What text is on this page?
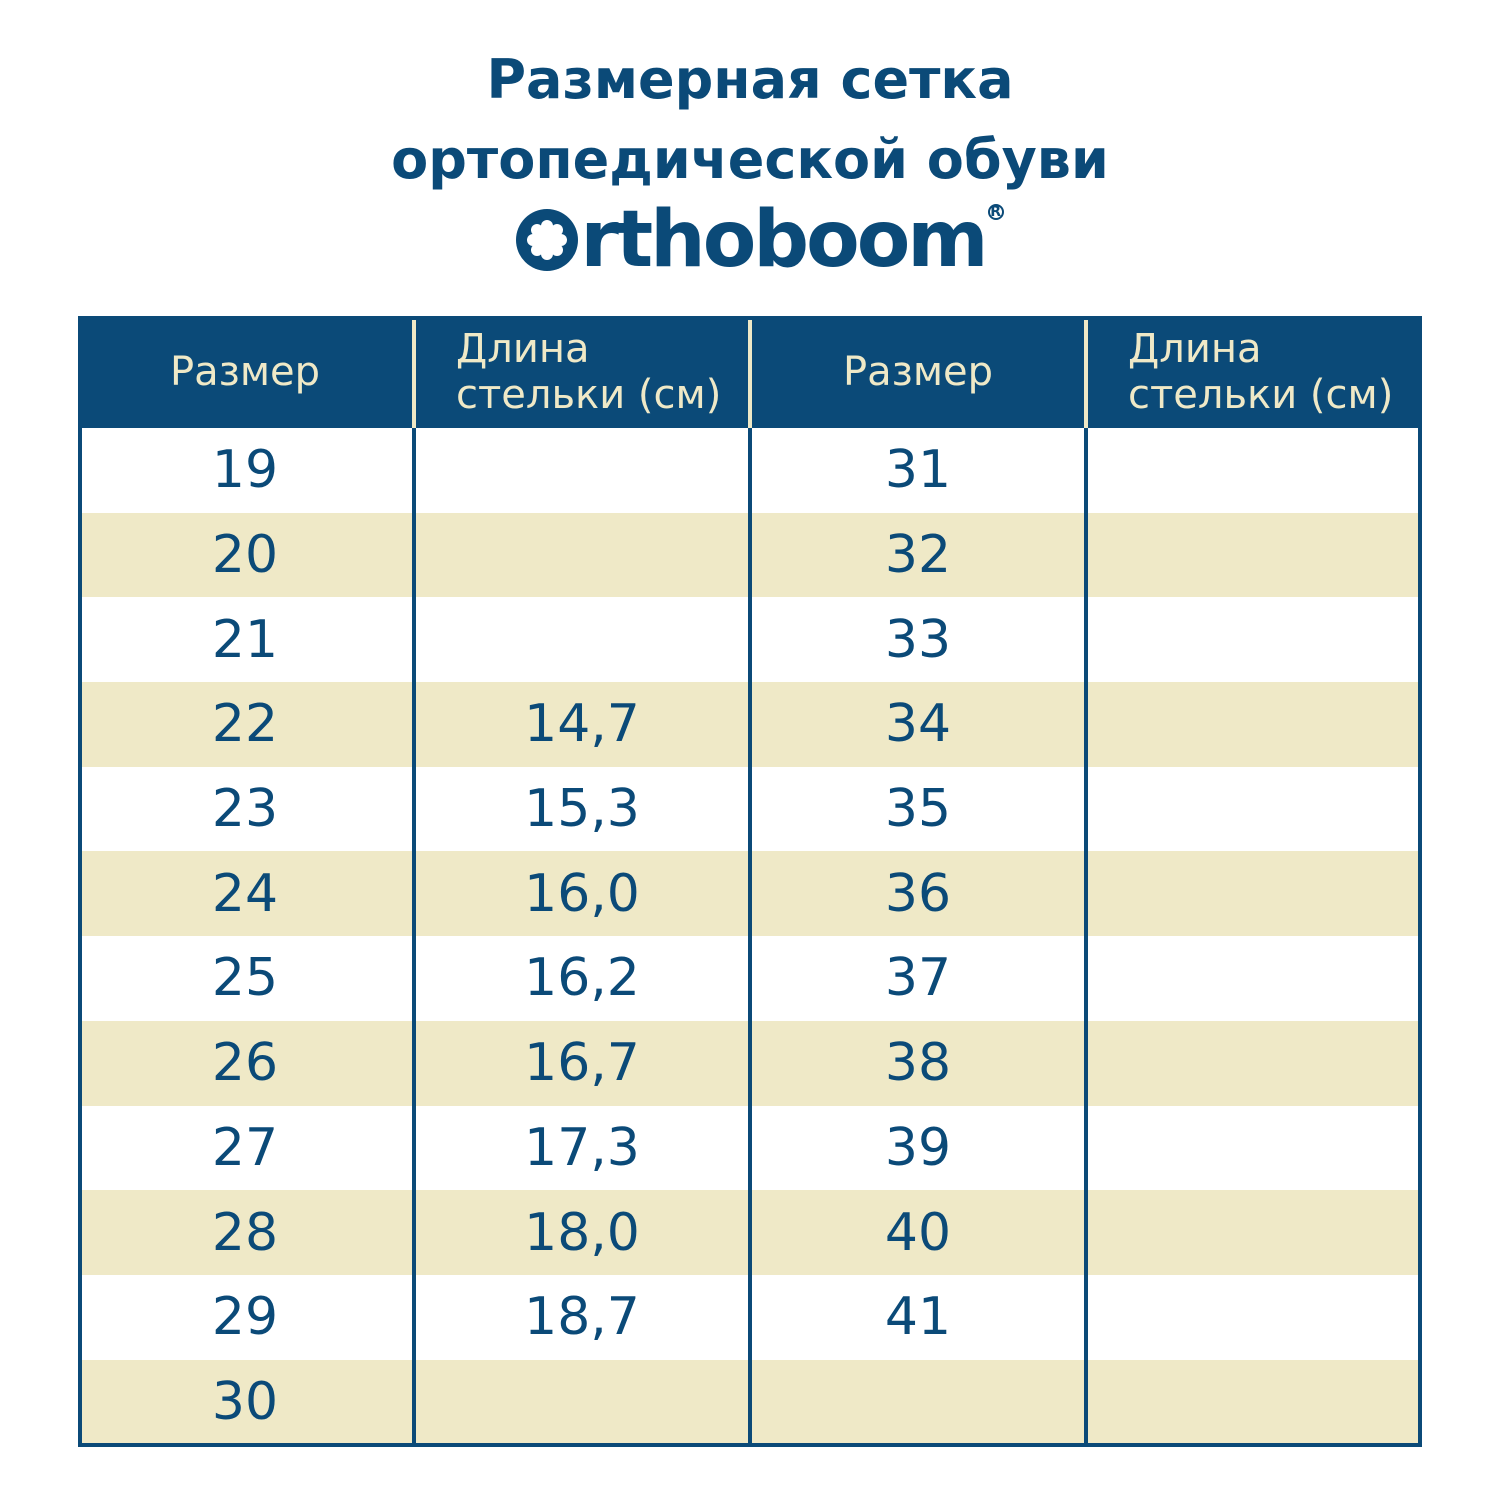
Размерная сетка
ортопедической обуви
rthoboom R
Размер	Длина стельки (см)	Размер	Длина стельки (см)
19		31	
20		32	
21		33	
22	14,7	34	
23	15,3	35	
24	16,0	36	
25	16,2	37	
26	16,7	38	
27	17,3	39	
28	18,0	40	
29	18,7	41	
30			
